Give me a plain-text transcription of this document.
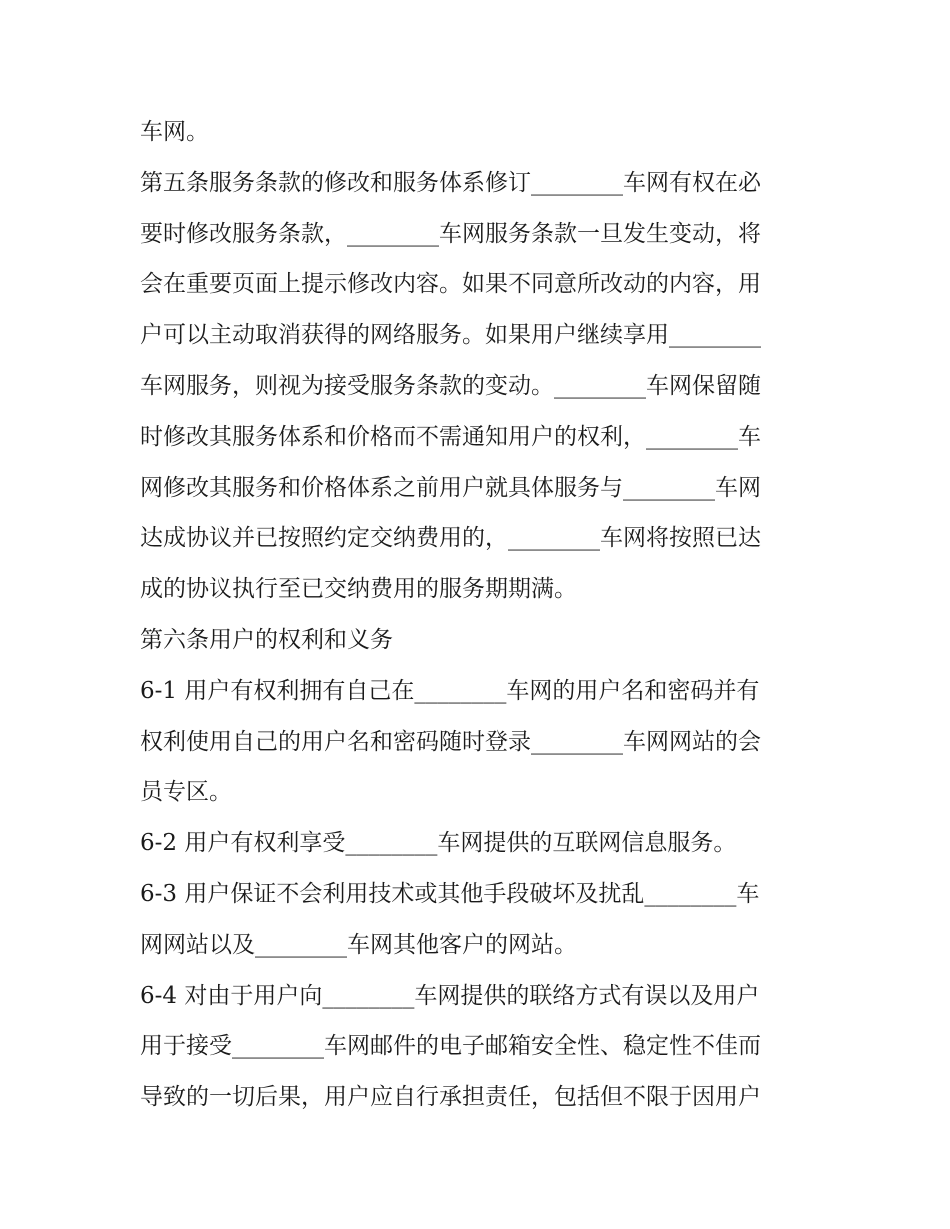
车网。
第五条服务条款的修改和服务体系修订________车网有权在必
要时修改服务条款，________车网服务条款一旦发生变动，将
会在重要页面上提示修改内容。如果不同意所改动的内容，用
户可以主动取消获得的网络服务。如果用户继续享用________
车网服务，则视为接受服务条款的变动。________车网保留随
时修改其服务体系和价格而不需通知用户的权利，________车
网修改其服务和价格体系之前用户就具体服务与________车网
达成协议并已按照约定交纳费用的，________车网将按照已达
成的协议执行至已交纳费用的服务期期满。
第六条用户的权利和义务
6-1 用户有权利拥有自己在________车网的用户名和密码并有
权利使用自己的用户名和密码随时登录________车网网站的会
员专区。
6-2 用户有权利享受________车网提供的互联网信息服务。
6-3 用户保证不会利用技术或其他手段破坏及扰乱________车
网网站以及________车网其他客户的网站。
6-4 对由于用户向________车网提供的联络方式有误以及用户
用于接受________车网邮件的电子邮箱安全性、稳定性不佳而
导致的一切后果，用户应自行承担责任，包括但不限于因用户
